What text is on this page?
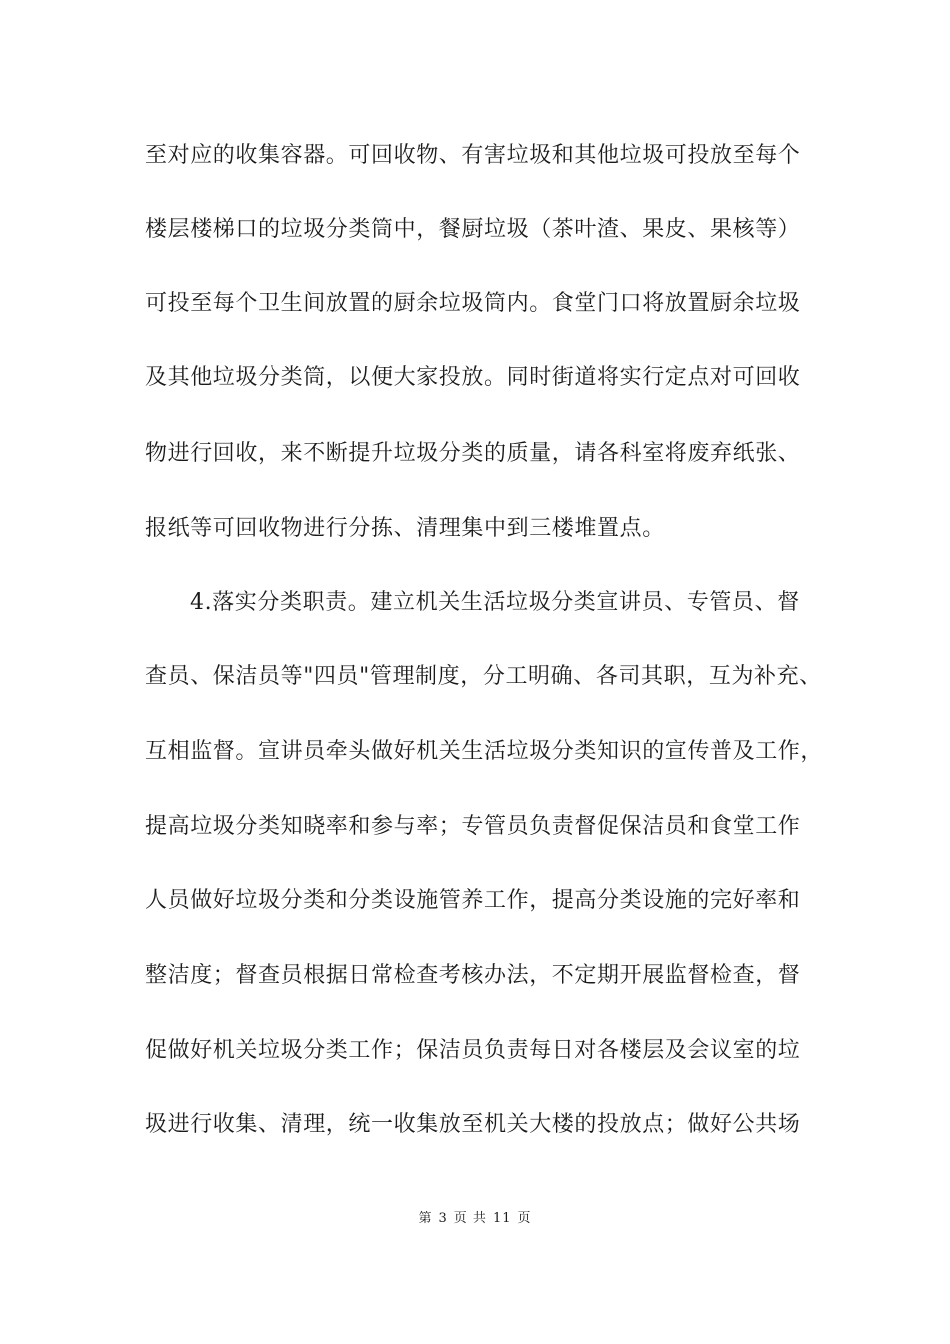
至对应的收集容器。可回收物、有害垃圾和其他垃圾可投放至每个
楼层楼梯口的垃圾分类筒中，餐厨垃圾（茶叶渣、果皮、果核等）
可投至每个卫生间放置的厨余垃圾筒内。食堂门口将放置厨余垃圾
及其他垃圾分类筒，以便大家投放。同时街道将实行定点对可回收
物进行回收，来不断提升垃圾分类的质量，请各科室将废弃纸张、
报纸等可回收物进行分拣、清理集中到三楼堆置点。
4.落实分类职责。建立机关生活垃圾分类宣讲员、专管员、督
查员、保洁员等"四员"管理制度，分工明确、各司其职，互为补充、
互相监督。宣讲员牵头做好机关生活垃圾分类知识的宣传普及工作，
提高垃圾分类知晓率和参与率；专管员负责督促保洁员和食堂工作
人员做好垃圾分类和分类设施管养工作，提高分类设施的完好率和
整洁度；督查员根据日常检查考核办法，不定期开展监督检查，督
促做好机关垃圾分类工作；保洁员负责每日对各楼层及会议室的垃
圾进行收集、清理，统一收集放至机关大楼的投放点；做好公共场
第 3 页 共 11 页
